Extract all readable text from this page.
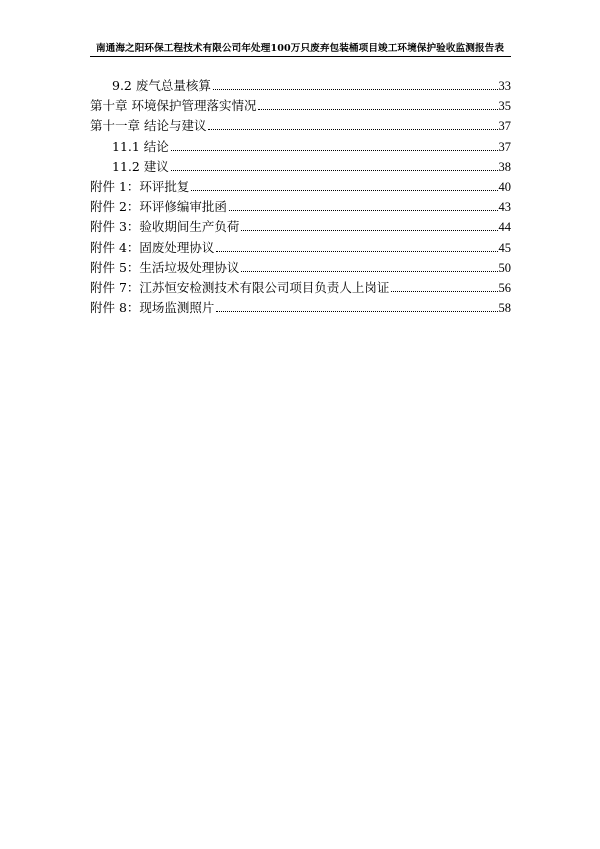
南通海之阳环保工程技术有限公司年处理100万只废弃包装桶项目竣工环境保护验收监测报告表
9.2 废气总量核算	33
第十章 环境保护管理落实情况	35
第十一章 结论与建议	37
11.1 结论	37
11.2 建议	38
附件 1：环评批复	40
附件 2：环评修编审批函	43
附件 3：验收期间生产负荷	44
附件 4：固废处理协议	45
附件 5：生活垃圾处理协议	50
附件 7：江苏恒安检测技术有限公司项目负责人上岗证	56
附件 8：现场监测照片	58
